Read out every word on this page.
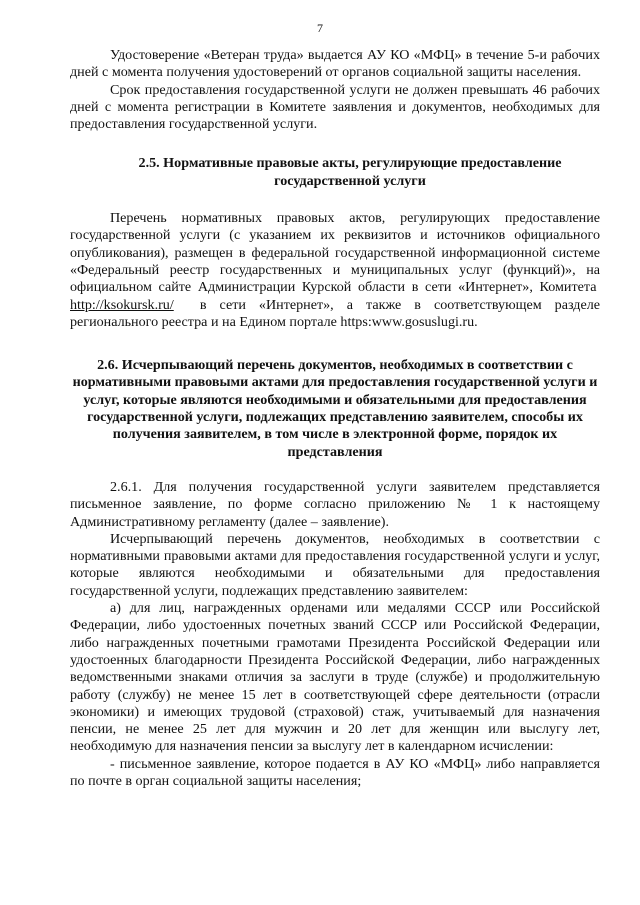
7

Удостоверение «Ветеран труда» выдается АУ КО «МФЦ» в течение 5-и рабочих дней с момента получения удостоверений от органов социальной защиты населения.

Срок предоставления государственной услуги не должен превышать 46 рабочих дней с момента регистрации в Комитете заявления и документов, необходимых для предоставления государственной услуги.

2.5. Нормативные правовые акты, регулирующие предоставление государственной услуги

Перечень нормативных правовых актов, регулирующих предоставление государственной услуги (с указанием их реквизитов и источников официального опубликования), размещен в федеральной государственной информационной системе «Федеральный реестр государственных и муниципальных услуг (функций)», на официальном сайте Администрации Курской области в сети «Интернет», Комитета  http://ksokursk.ru/ в сети «Интернет», а также в соответствующем разделе регионального реестра и на Едином портале https:www.gosuslugi.ru.

2.6. Исчерпывающий перечень документов, необходимых в соответствии с нормативными правовыми актами для предоставления государственной услуги и услуг, которые являются необходимыми и обязательными для предоставления государственной услуги, подлежащих представлению заявителем, способы их получения заявителем, в том числе в электронной форме, порядок их представления

2.6.1. Для получения государственной услуги заявителем представляется письменное заявление, по форме согласно приложению № 1 к настоящему Административному регламенту (далее – заявление).

Исчерпывающий перечень документов, необходимых в соответствии с нормативными правовыми актами для предоставления государственной услуги и услуг, которые являются необходимыми и обязательными для предоставления государственной услуги, подлежащих представлению заявителем:

а) для лиц, награжденных орденами или медалями СССР или Российской Федерации, либо удостоенных почетных званий СССР или Российской Федерации, либо награжденных почетными грамотами Президента Российской Федерации или удостоенных благодарности Президента Российской Федерации, либо награжденных ведомственными знаками отличия за заслуги в труде (службе) и продолжительную работу (службу) не менее 15 лет в соответствующей сфере деятельности (отрасли экономики) и имеющих трудовой (страховой) стаж, учитываемый для назначения пенсии, не менее 25 лет для мужчин и 20 лет для женщин или выслугу лет, необходимую для назначения пенсии за выслугу лет в календарном исчислении:

- письменное заявление, которое подается в АУ КО «МФЦ» либо направляется по почте в орган социальной защиты населения;
